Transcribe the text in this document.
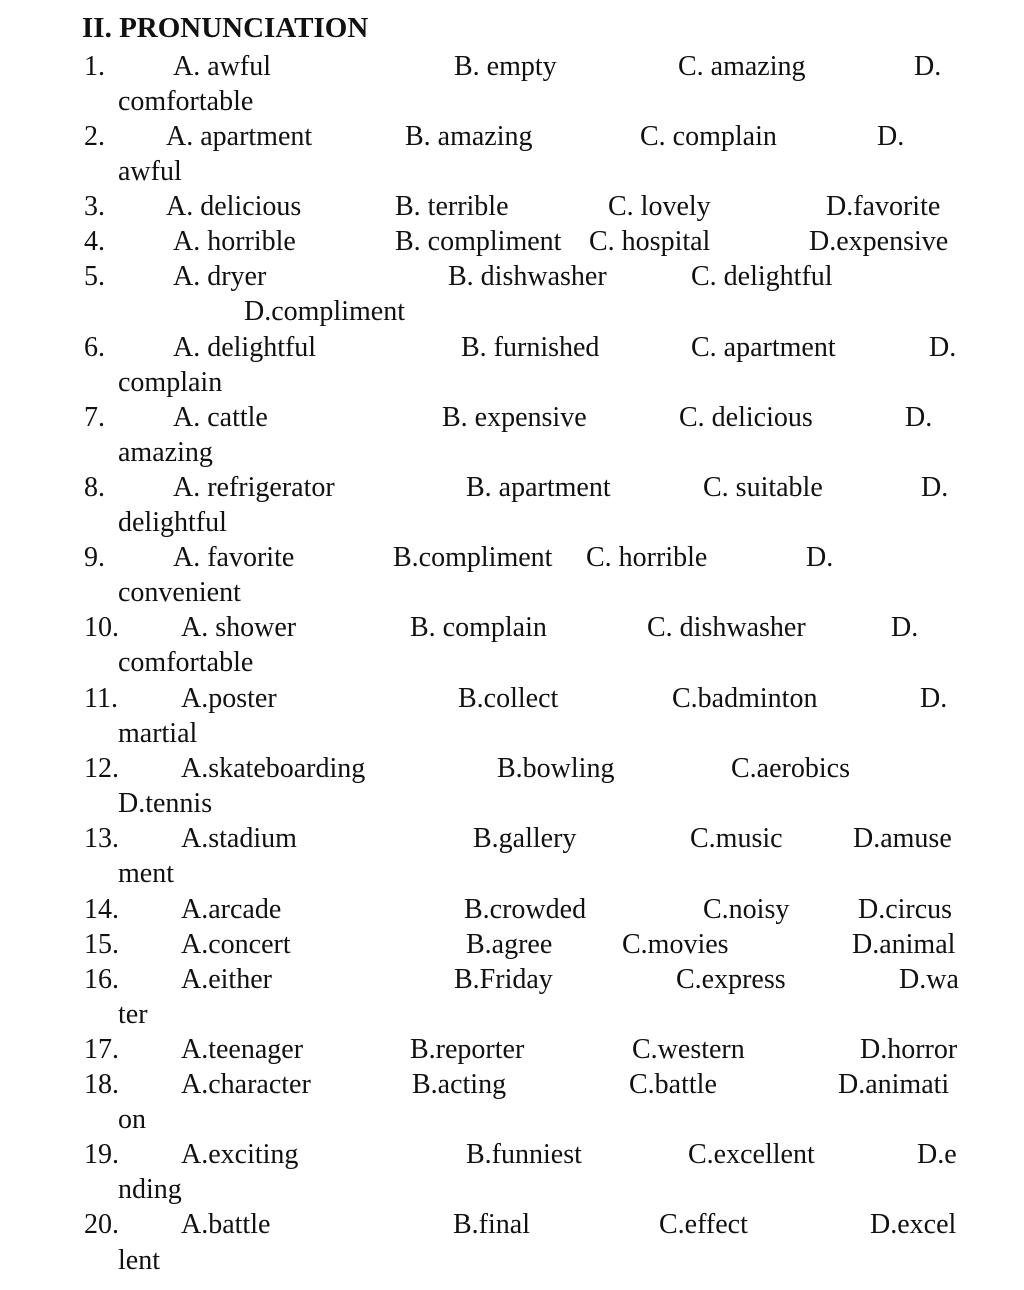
II. PRONUNCIATION
1. A. awful	B. empty	C. amazing	D.
comfortable
2. A. apartment	B. amazing	C. complain	D.
awful
3. A. delicious	B. terrible	C. lovely	D.favorite
4. A. horrible	B. compliment C. hospital	D.expensive
5. A. dryer	B. dishwasher	C. delightful
D.compliment
6. A. delightful	B. furnished	C. apartment	D.
complain
7. A. cattle	B. expensive	C. delicious	D.
amazing
8. A. refrigerator	B. apartment	C. suitable	D.
delightful
9. A. favorite	B.compliment C. horrible	D.
convenient
10. A. shower	B. complain	C. dishwasher	D.
comfortable
11. A.poster	B.collect	C.badminton	D.
martial
12. A.skateboarding	B.bowling	C.aerobics
D.tennis
13. A.stadium	B.gallery	C.music	D.amuse
ment
14. A.arcade	B.crowded	C.noisy D.circus
15. A.concert	B.agree C.movies	D.animal
16. A.either	B.Friday	C.express	D.wa
ter
17. A.teenager	B.reporter	C.western	D.horror
18. A.character	B.acting	C.battle	D.animati
on
19. A.exciting	B.funniest	C.excellent	D.e
nding
20. A.battle	B.final	C.effect	D.excel
lent
